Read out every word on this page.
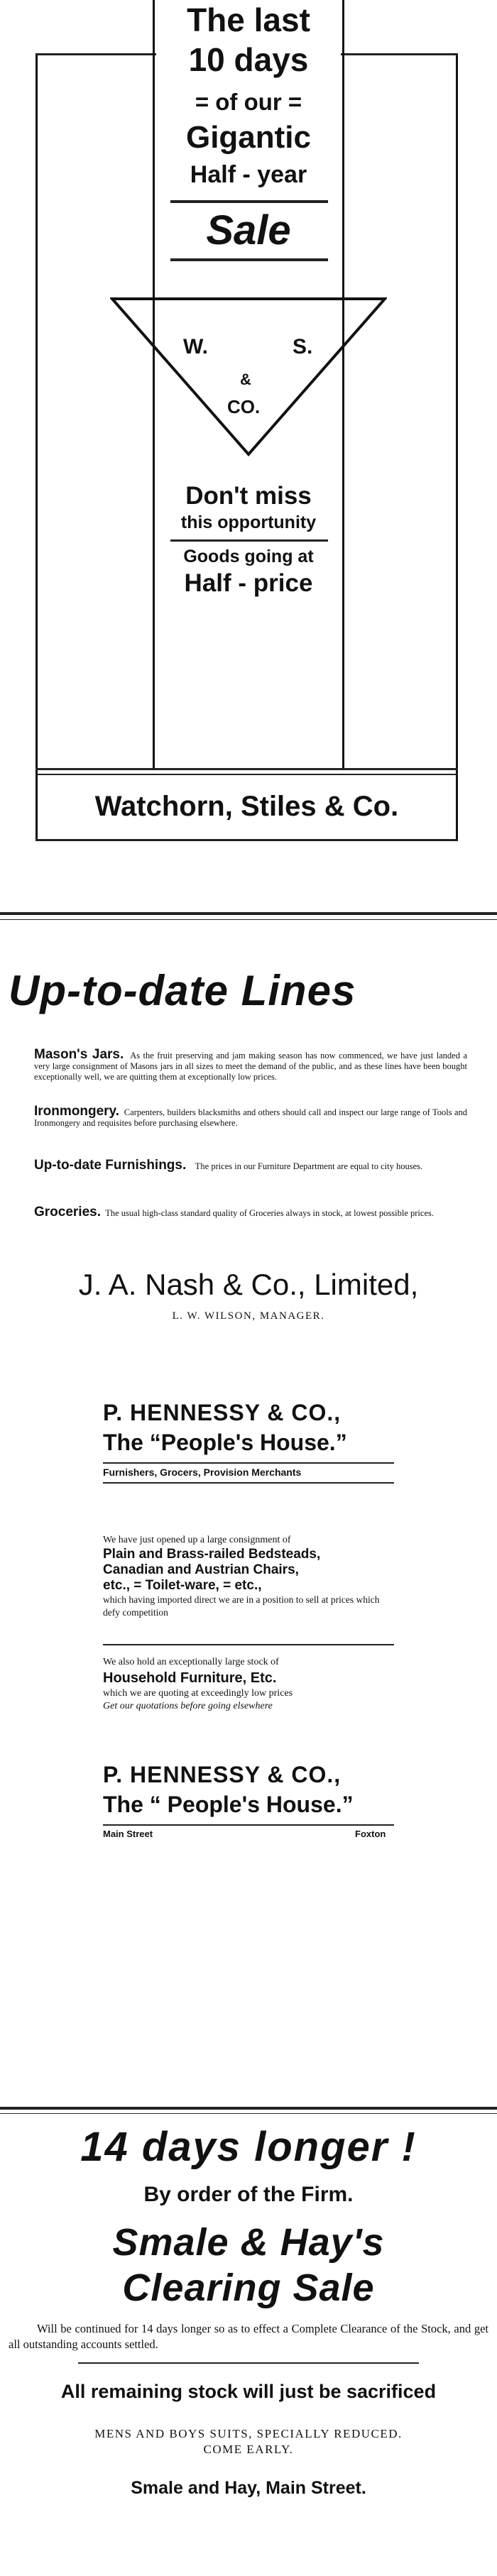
The last
10 days
= of our =
Gigantic
Half - year
Sale
W.	S.
&
CO.
Don't miss
this opportunity
Goods going at
Half - price
Watchorn, Stiles & Co.
Up-to-date Lines

Mason's Jars. As the fruit preserving and jam making season has now commenced, we have just landed a very large consignment of Masons jars in all sizes to meet the demand of the public, and as these lines have been bought exceptionally well, we are quitting them at exceptionally low prices.

Ironmongery. Carpenters, builders blacksmiths and others should call and inspect our large range of Tools and Ironmongery and requisites before purchasing elsewhere.

Up-to-date Furnishings. The prices in our Furniture Department are equal to city houses.

Groceries. The usual high-class standard quality of Groceries always in stock, at lowest possible prices.

J. A. Nash & Co., Limited,
L. W. WILSON, MANAGER.
P. HENNESSY & CO.,
The “People's House.”
Furnishers, Grocers, Provision Merchants
We have just opened up a large consignment of
Plain and Brass-railed Bedsteads,
Canadian and Austrian Chairs,
etc., = Toilet-ware, = etc.,
which having imported direct we are in a position to sell at prices which defy competition
We also hold an exceptionally large stock of
Household Furniture, Etc.
which we are quoting at exceedingly low prices
Get our quotations before going elsewhere
P. HENNESSY & CO.,
The “ People's House.”
Main Street	Foxton
14 days longer !
By order of the Firm.
Smale & Hay's
Clearing Sale
Will be continued for 14 days longer so as to effect a Complete Clearance of the Stock, and get all outstanding accounts settled.
All remaining stock will just be sacrificed
MENS AND BOYS SUITS, SPECIALLY REDUCED.
COME EARLY.
Smale and Hay, Main Street.
